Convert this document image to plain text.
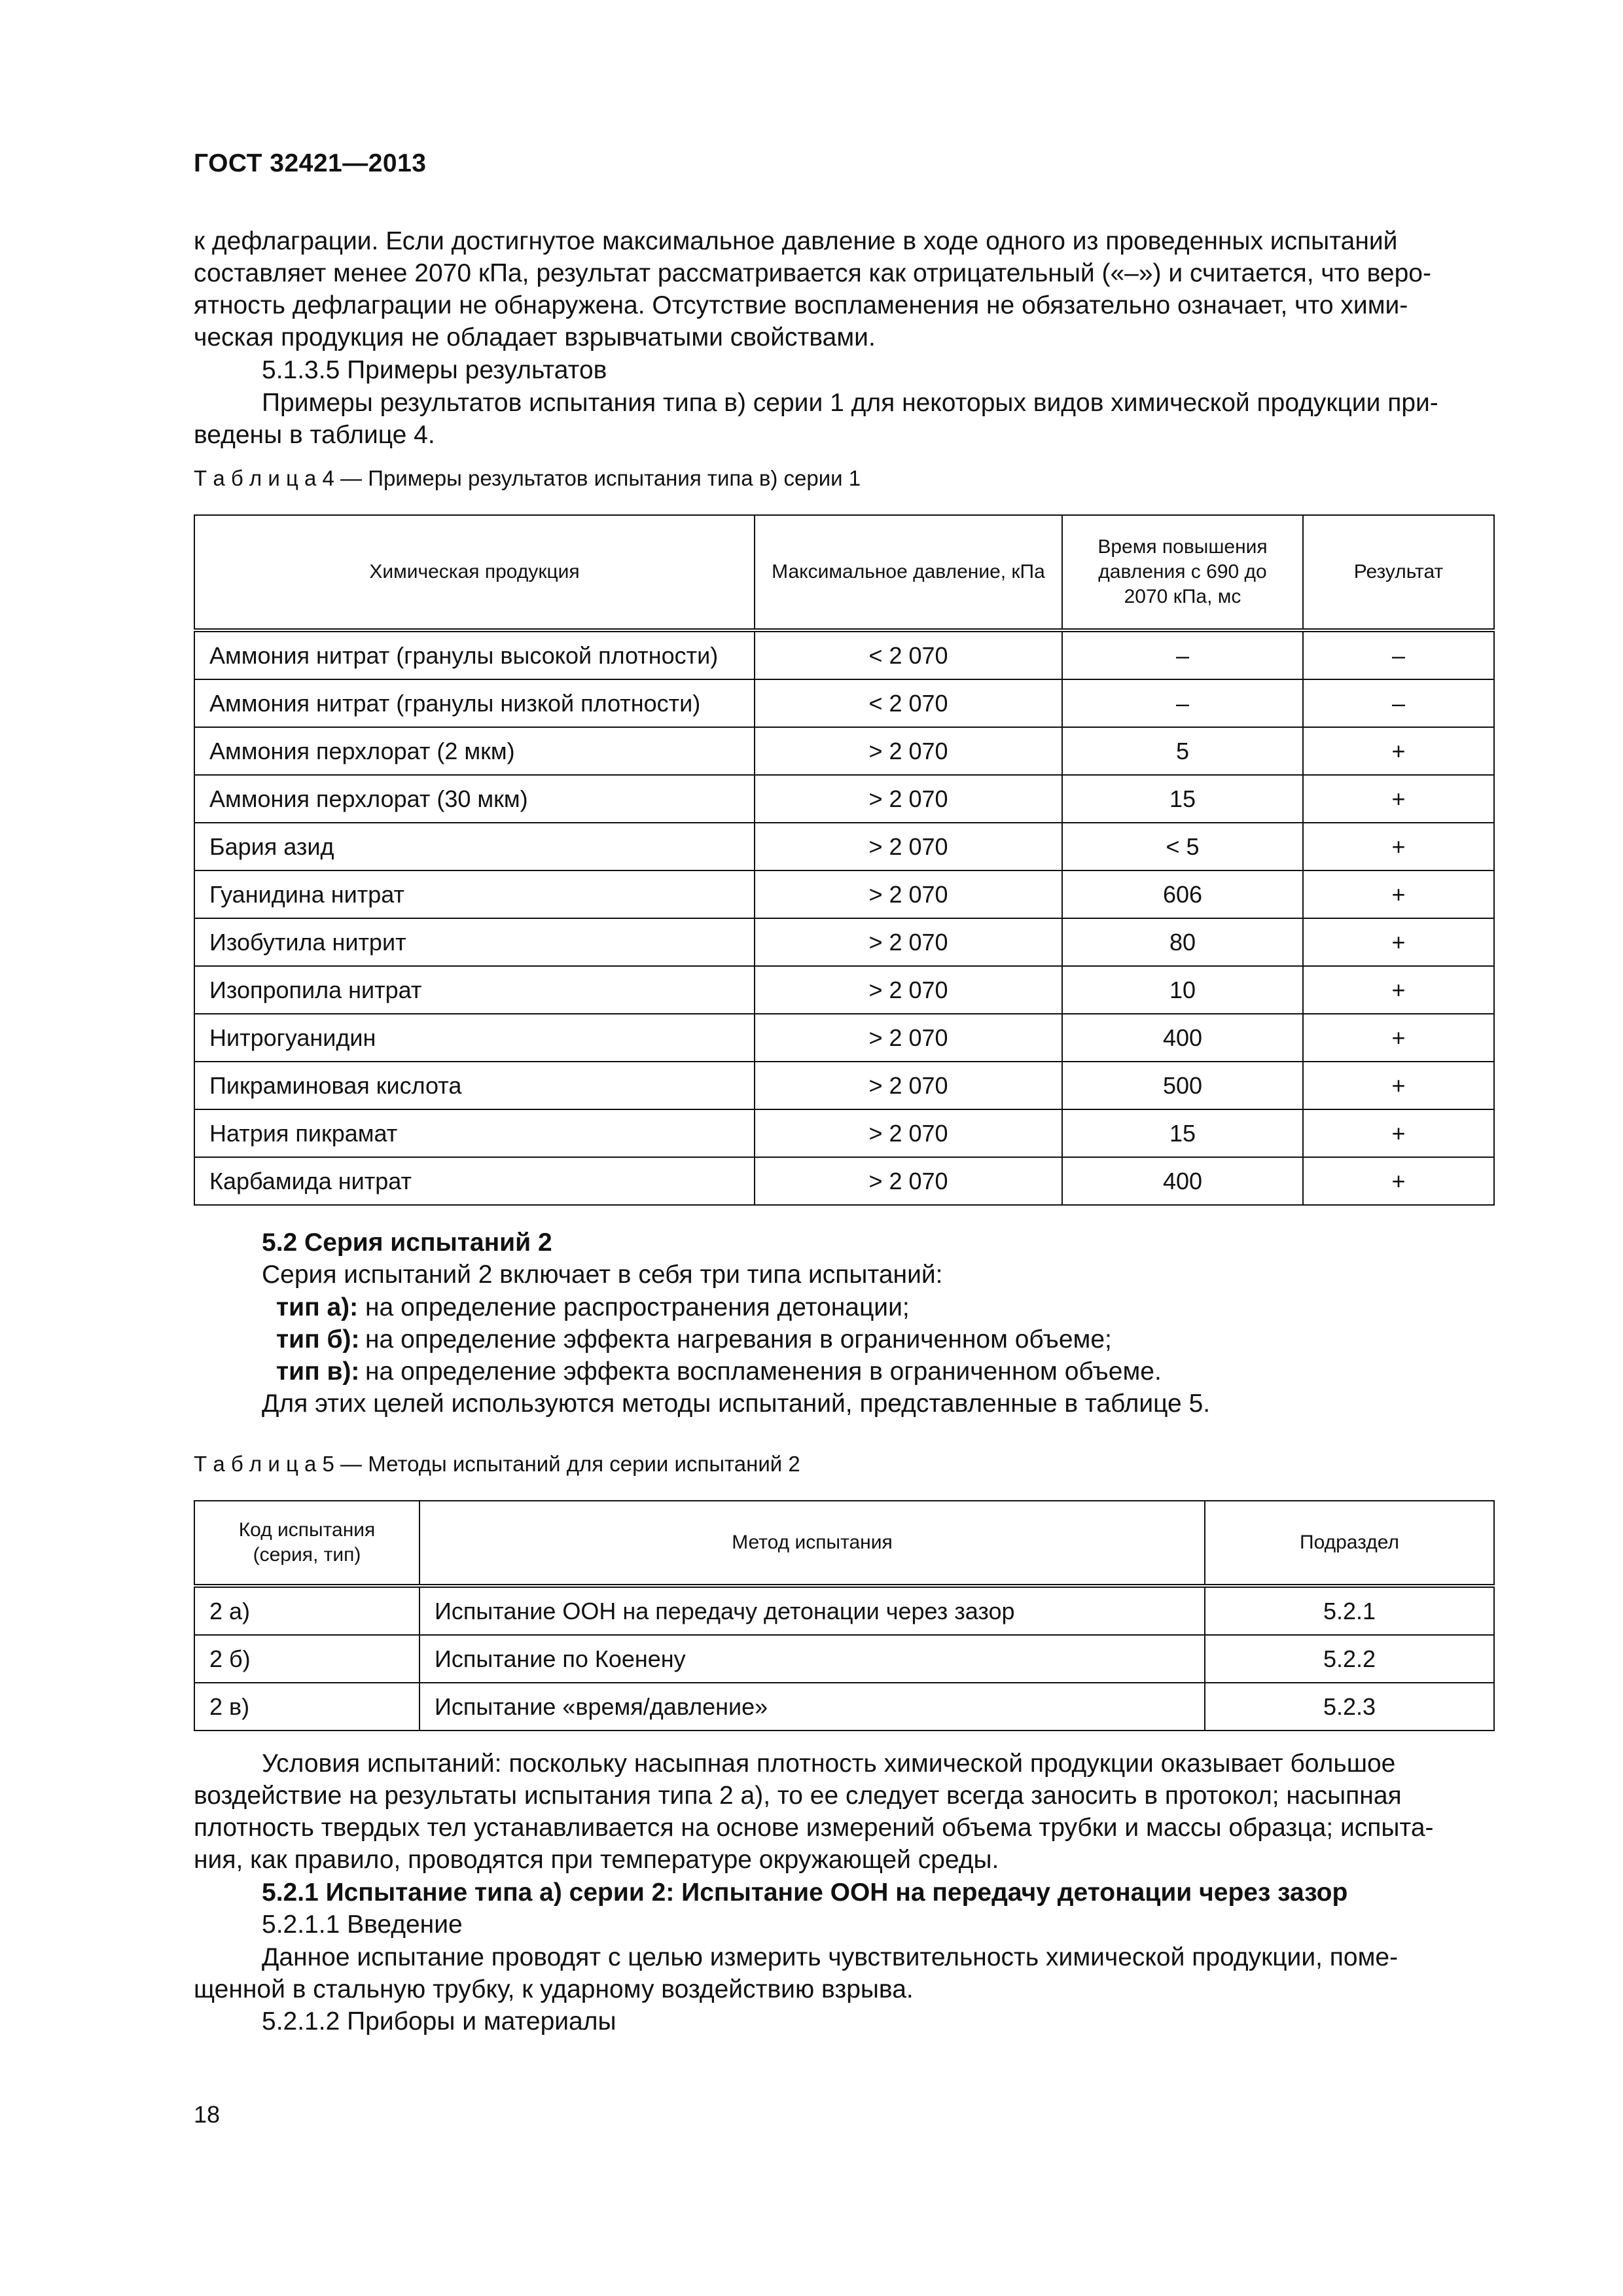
ГОСТ 32421—2013
к дефлаграции. Если достигнутое максимальное давление в ходе одного из проведенных испытаний
составляет менее 2070 кПа, результат рассматривается как отрицательный («–») и считается, что веро-
ятность дефлаграции не обнаружена. Отсутствие воспламенения не обязательно означает, что хими-
ческая продукция не обладает взрывчатыми свойствами.
5.1.3.5 Примеры результатов
Примеры результатов испытания типа в) серии 1 для некоторых видов химической продукции при-
ведены в таблице 4.
Т а б л и ц а 4 — Примеры результатов испытания типа в) серии 1
Химическая продукция	Максимальное давление, кПа	Время повышения давления с 690 до 2070 кПа, мс	Результат
Аммония нитрат (гранулы высокой плотности)	< 2 070	–	–
Аммония нитрат (гранулы низкой плотности)	< 2 070	–	–
Аммония перхлорат (2 мкм)	> 2 070	5	+
Аммония перхлорат (30 мкм)	> 2 070	15	+
Бария азид	> 2 070	< 5	+
Гуанидина нитрат	> 2 070	606	+
Изобутила нитрит	> 2 070	80	+
Изопропила нитрат	> 2 070	10	+
Нитрогуанидин	> 2 070	400	+
Пикраминовая кислота	> 2 070	500	+
Натрия пикрамат	> 2 070	15	+
Карбамида нитрат	> 2 070	400	+
5.2 Серия испытаний 2
Серия испытаний 2 включает в себя три типа испытаний:
тип а): на определение распространения детонации;
тип б): на определение эффекта нагревания в ограниченном объеме;
тип в): на определение эффекта воспламенения в ограниченном объеме.
Для этих целей используются методы испытаний, представленные в таблице 5.
Т а б л и ц а 5 — Методы испытаний для серии испытаний 2
Код испытания (серия, тип)	Метод испытания	Подраздел
2 а)	Испытание ООН на передачу детонации через зазор	5.2.1
2 б)	Испытание по Коенену	5.2.2
2 в)	Испытание «время/давление»	5.2.3
Условия испытаний: поскольку насыпная плотность химической продукции оказывает большое
воздействие на результаты испытания типа 2 а), то ее следует всегда заносить в протокол; насыпная
плотность твердых тел устанавливается на основе измерений объема трубки и массы образца; испыта-
ния, как правило, проводятся при температуре окружающей среды.
5.2.1 Испытание типа а) серии 2: Испытание ООН на передачу детонации через зазор
5.2.1.1 Введение
Данное испытание проводят с целью измерить чувствительность химической продукции, поме-
щенной в стальную трубку, к ударному воздействию взрыва.
5.2.1.2 Приборы и материалы
18
